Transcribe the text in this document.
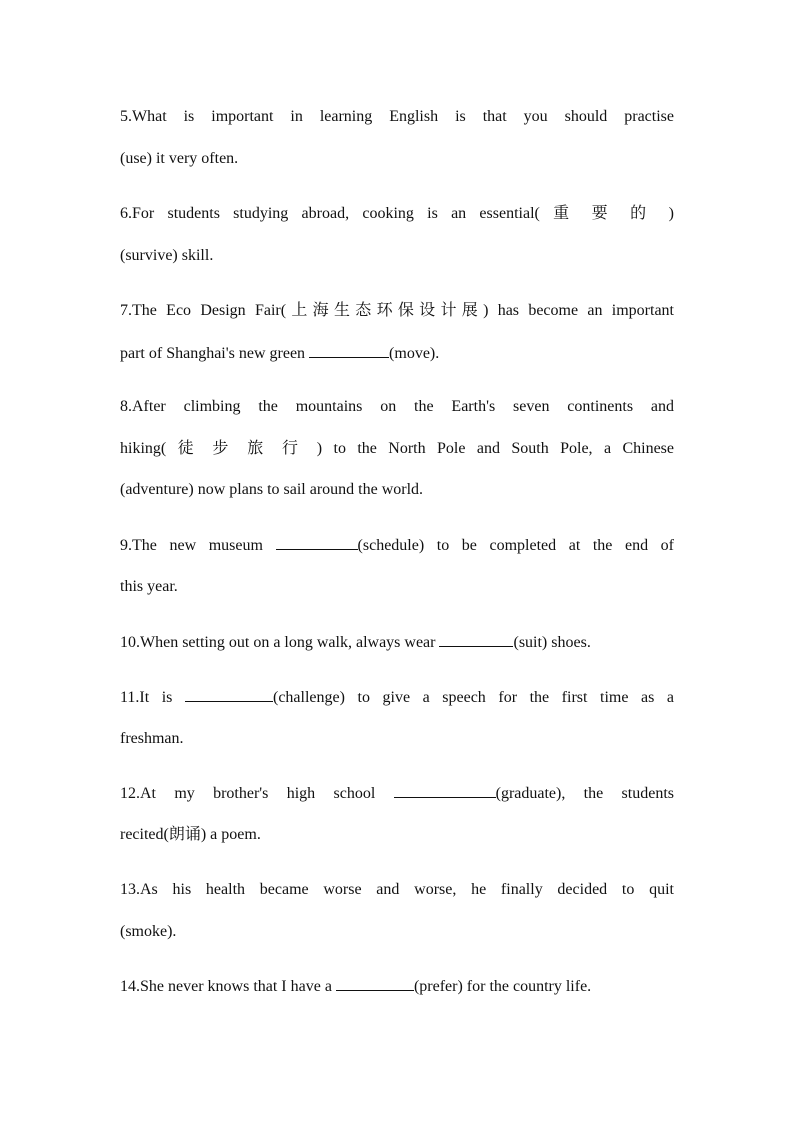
5.What is important in learning English is that you should practise
(use) it very often.
6.For students studying abroad, cooking is an essential( 重 要 的 )
(survive) skill.
7.The Eco Design Fair(上海生态环保设计展) has become an important
part of Shanghai's new green	(move).
8.After climbing the mountains on the Earth's seven continents and
hiking( 徒 步 旅 行 ) to the North Pole and South Pole, a Chinese
(adventure) now plans to sail around the world.
9.The new museum	(schedule) to be completed at the end of
this year.
10.When setting out on a long walk, always wear	(suit) shoes.
11.It is	(challenge) to give a speech for the first time as a
freshman.
12.At my brother's high school	(graduate), the students
recited(朗诵) a poem.
13.As his health became worse and worse, he finally decided to quit
(smoke).
14.She never knows that I have a	(prefer) for the country life.
